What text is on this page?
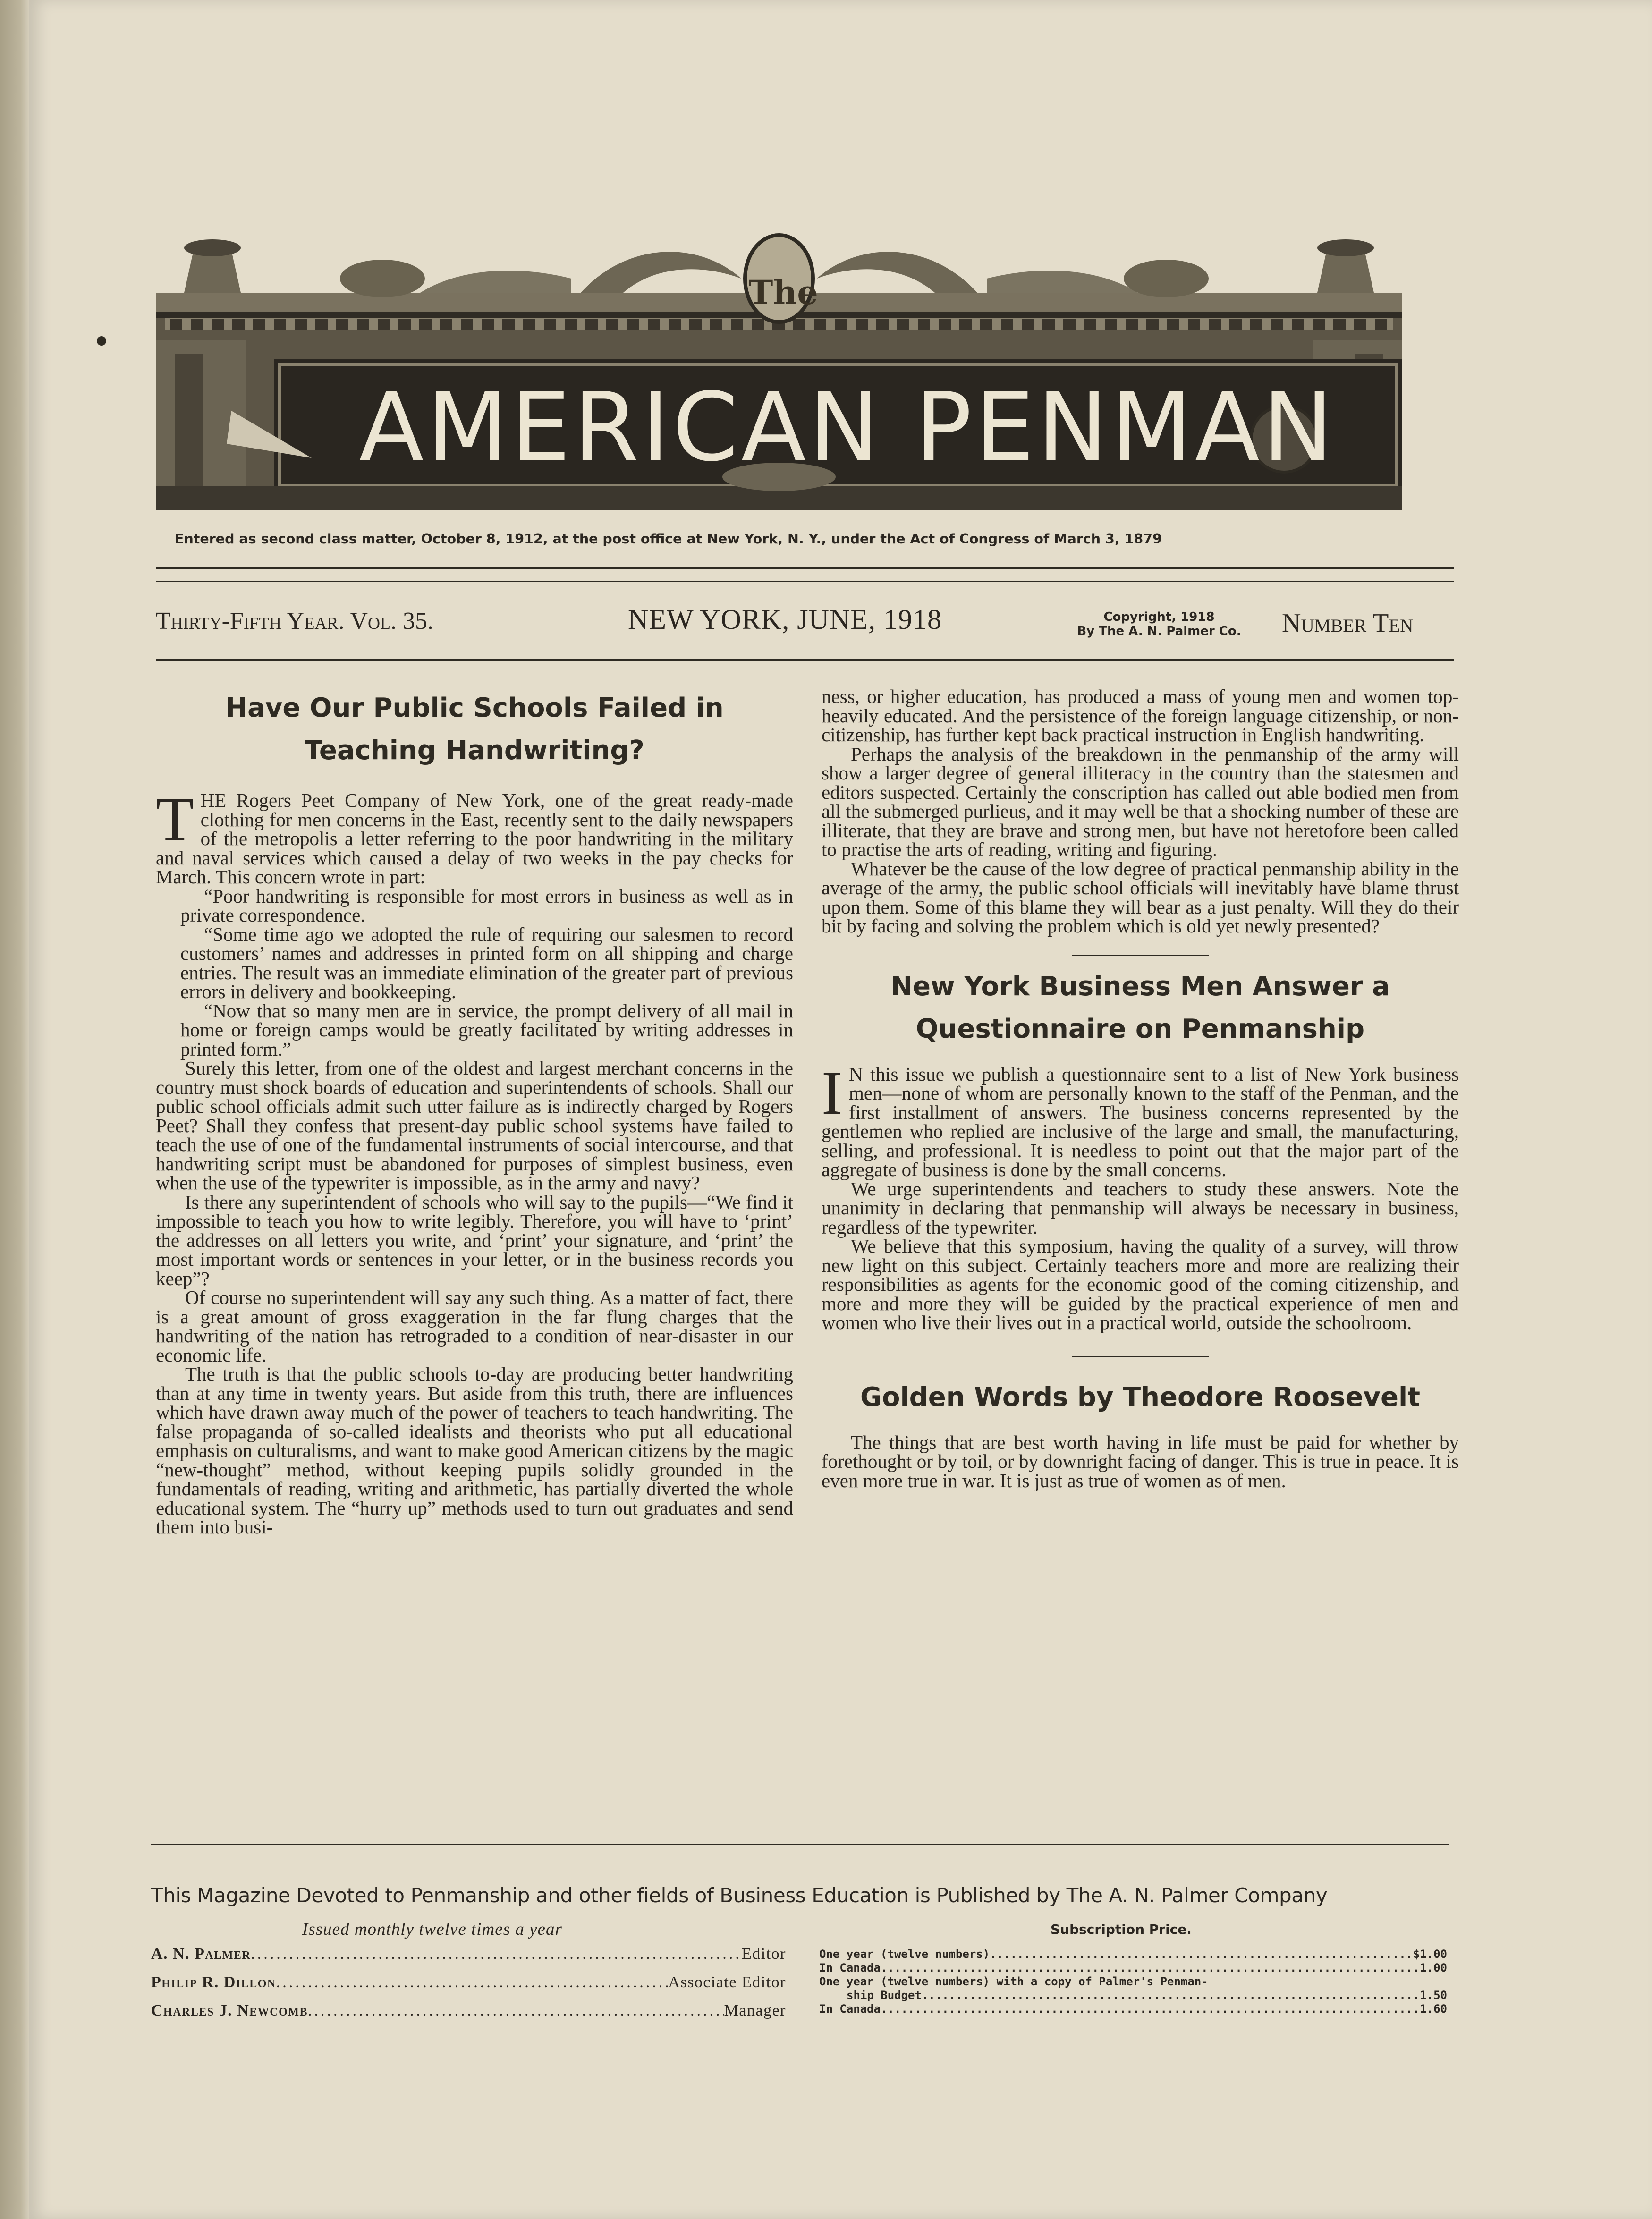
The
AMERICAN PENMAN
Entered as second class matter, October 8, 1912, at the post office at New York, N. Y., under the Act of Congress of March 3, 1879
Thirty-Fifth Year. Vol. 35.	NEW YORK, JUNE, 1918	Copyright, 1918
By The A. N. Palmer Co.	Number Ten
Have Our Public Schools Failed in Teaching Handwriting?

THE Rogers Peet Company of New York, one of the great ready-made clothing for men concerns in the East, recently sent to the daily newspapers of the metropolis a letter referring to the poor handwriting in the military and naval services which caused a delay of two weeks in the pay checks for March. This concern wrote in part:

“Poor handwriting is responsible for most errors in business as well as in private correspondence.

“Some time ago we adopted the rule of requiring our salesmen to record customers’ names and addresses in printed form on all shipping and charge entries. The result was an immediate elimination of the greater part of previous errors in delivery and bookkeeping.

“Now that so many men are in service, the prompt delivery of all mail in home or foreign camps would be greatly facilitated by writing addresses in printed form.”

Surely this letter, from one of the oldest and largest merchant concerns in the country must shock boards of education and superintendents of schools. Shall our public school officials admit such utter failure as is indirectly charged by Rogers Peet? Shall they confess that present-day public school systems have failed to teach the use of one of the fundamental instruments of social intercourse, and that handwriting script must be abandoned for purposes of simplest business, even when the use of the typewriter is impossible, as in the army and navy?

Is there any superintendent of schools who will say to the pupils—“We find it impossible to teach you how to write legibly. Therefore, you will have to ‘print’ the addresses on all letters you write, and ‘print’ your signature, and ‘print’ the most important words or sentences in your letter, or in the business records you keep”?

Of course no superintendent will say any such thing. As a matter of fact, there is a great amount of gross exaggeration in the far flung charges that the handwriting of the nation has retrograded to a condition of near-disaster in our economic life.

The truth is that the public schools to-day are producing better handwriting than at any time in twenty years. But aside from this truth, there are influences which have drawn away much of the power of teachers to teach handwriting. The false propaganda of so-called idealists and theorists who put all educational emphasis on culturalisms, and want to make good American citizens by the magic “new-thought” method, without keeping pupils solidly grounded in the fundamentals of reading, writing and arithmetic, has partially diverted the whole educational system. The “hurry up” methods used to turn out graduates and send them into busi-

ness, or higher education, has produced a mass of young men and women top-heavily educated. And the persistence of the foreign language citizenship, or non-citizenship, has further kept back practical instruction in English handwriting.

Perhaps the analysis of the breakdown in the penmanship of the army will show a larger degree of general illiteracy in the country than the statesmen and editors suspected. Certainly the conscription has called out able bodied men from all the submerged purlieus, and it may well be that a shocking number of these are illiterate, that they are brave and strong men, but have not heretofore been called to practise the arts of reading, writing and figuring.

Whatever be the cause of the low degree of practical penmanship ability in the average of the army, the public school officials will inevitably have blame thrust upon them. Some of this blame they will bear as a just penalty. Will they do their bit by facing and solving the problem which is old yet newly presented?

New York Business Men Answer a Questionnaire on Penmanship

I N this issue we publish a questionnaire sent to a list of New York business men—none of whom are personally known to the staff of the Penman, and the first installment of answers. The business concerns represented by the gentlemen who replied are inclusive of the large and small, the manufacturing, selling, and professional. It is needless to point out that the major part of the aggregate of business is done by the small concerns.

We urge superintendents and teachers to study these answers. Note the unanimity in declaring that penmanship will always be necessary in business, regardless of the typewriter.

We believe that this symposium, having the quality of a survey, will throw new light on this subject. Certainly teachers more and more are realizing their responsibilities as agents for the economic good of the coming citizenship, and more and more they will be guided by the practical experience of men and women who live their lives out in a practical world, outside the schoolroom.

Golden Words by Theodore Roosevelt

The things that are best worth having in life must be paid for whether by forethought or by toil, or by downright facing of danger. This is true in peace. It is even more true in war. It is just as true of women as of men.

This Magazine Devoted to Penmanship and other fields of Business Education is Published by The A. N. Palmer Company
Issued monthly twelve times a year	Subscription Price.
A. N. Palmer .....	Editor
Philip R. Dillon .....	Associate Editor
Charles J. Newcomb .....	Manager
One year (twelve numbers) .....	$1.00
In Canada .....	1.00
One year (twelve numbers) with a copy of Palmer's Penman-
ship Budget .....	1.50
In Canada .....	1.60
